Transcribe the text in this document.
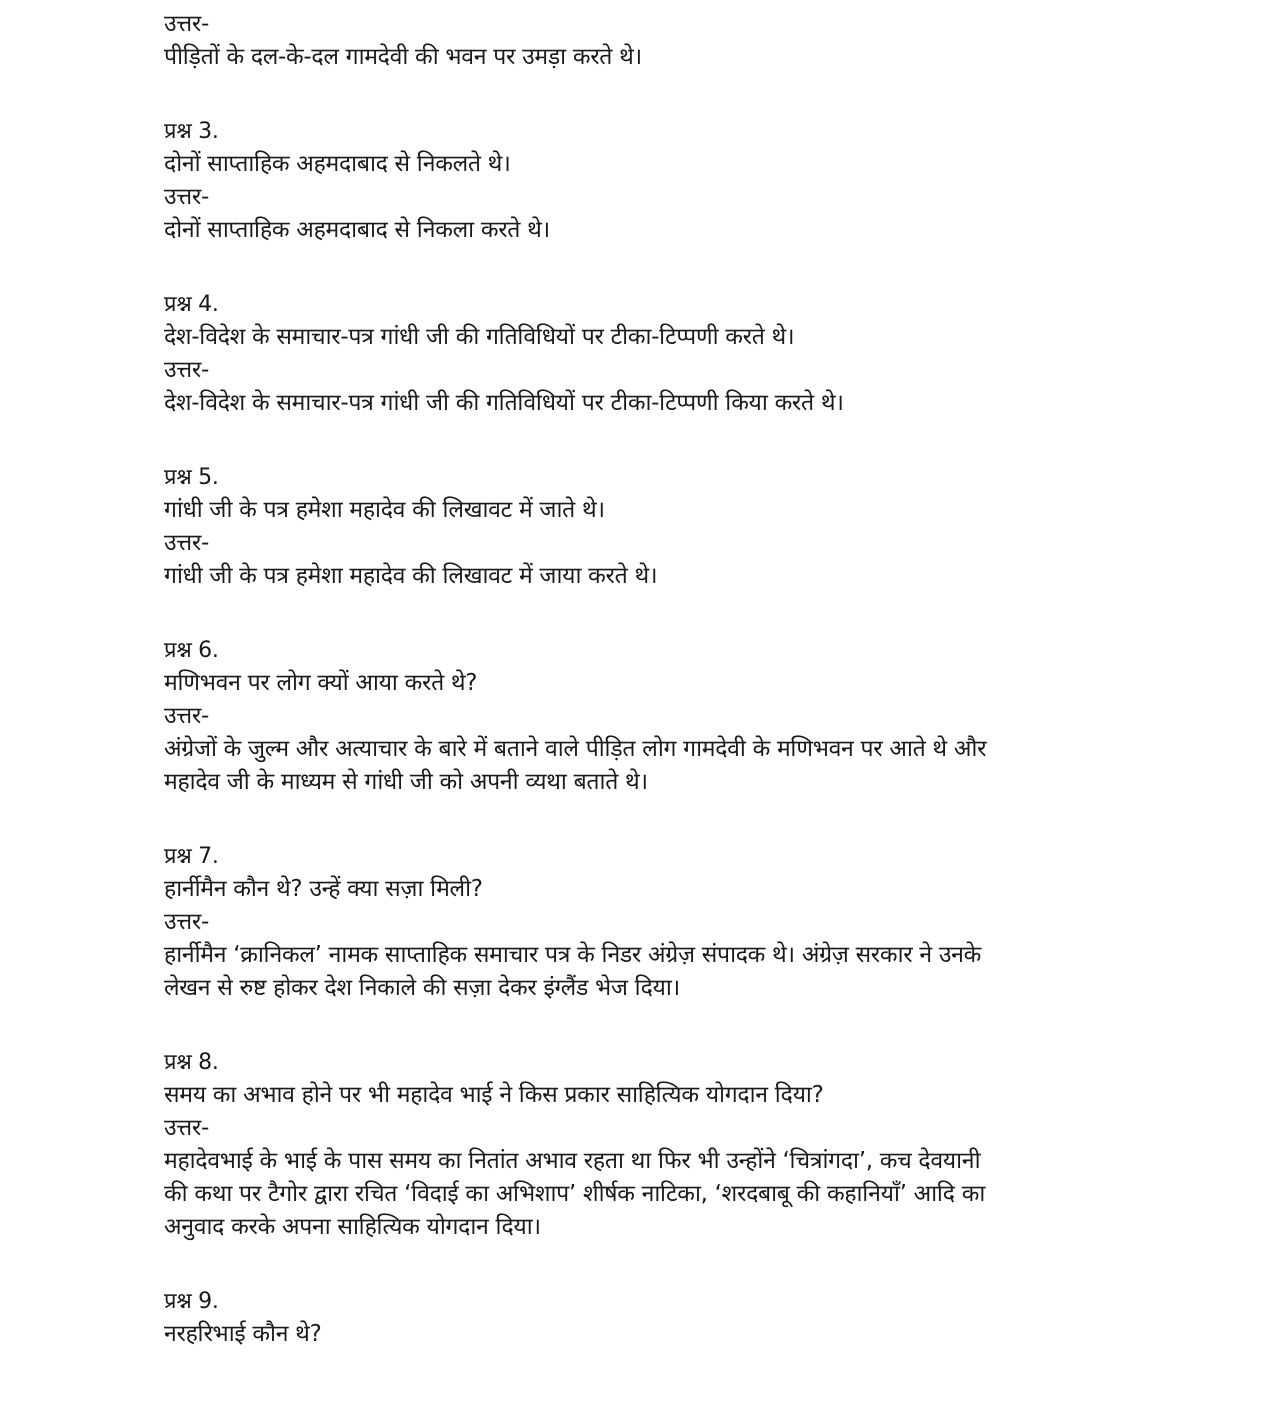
उत्तर-

पीड़ितों के दल-के-दल गामदेवी की भवन पर उमड़ा करते थे।

प्रश्न 3.

दोनों साप्ताहिक अहमदाबाद से निकलते थे।

उत्तर-

दोनों साप्ताहिक अहमदाबाद से निकला करते थे।

प्रश्न 4.

देश-विदेश के समाचार-पत्र गांधी जी की गतिविधियों पर टीका-टिप्पणी करते थे।

उत्तर-

देश-विदेश के समाचार-पत्र गांधी जी की गतिविधियों पर टीका-टिप्पणी किया करते थे।

प्रश्न 5.

गांधी जी के पत्र हमेशा महादेव की लिखावट में जाते थे।

उत्तर-

गांधी जी के पत्र हमेशा महादेव की लिखावट में जाया करते थे।

प्रश्न 6.

मणिभवन पर लोग क्यों आया करते थे?

उत्तर-

अंग्रेजों के जुल्म और अत्याचार के बारे में बताने वाले पीड़ित लोग गामदेवी के मणिभवन पर आते थे और

महादेव जी के माध्यम से गांधी जी को अपनी व्यथा बताते थे।

प्रश्न 7.

हार्नीमैन कौन थे? उन्हें क्या सज़ा मिली?

उत्तर-

हार्नीमैन ‘क्रानिकल’ नामक साप्ताहिक समाचार पत्र के निडर अंग्रेज़ संपादक थे। अंग्रेज़ सरकार ने उनके

लेखन से रुष्ट होकर देश निकाले की सज़ा देकर इंग्लैंड भेज दिया।

प्रश्न 8.

समय का अभाव होने पर भी महादेव भाई ने किस प्रकार साहित्यिक योगदान दिया?

उत्तर-

महादेवभाई के भाई के पास समय का नितांत अभाव रहता था फिर भी उन्होंने ‘चित्रांगदा’, कच देवयानी

की कथा पर टैगोर द्वारा रचित ‘विदाई का अभिशाप’ शीर्षक नाटिका, ‘शरदबाबू की कहानियाँ’ आदि का

अनुवाद करके अपना साहित्यिक योगदान दिया।

प्रश्न 9.

नरहरिभाई कौन थे?
